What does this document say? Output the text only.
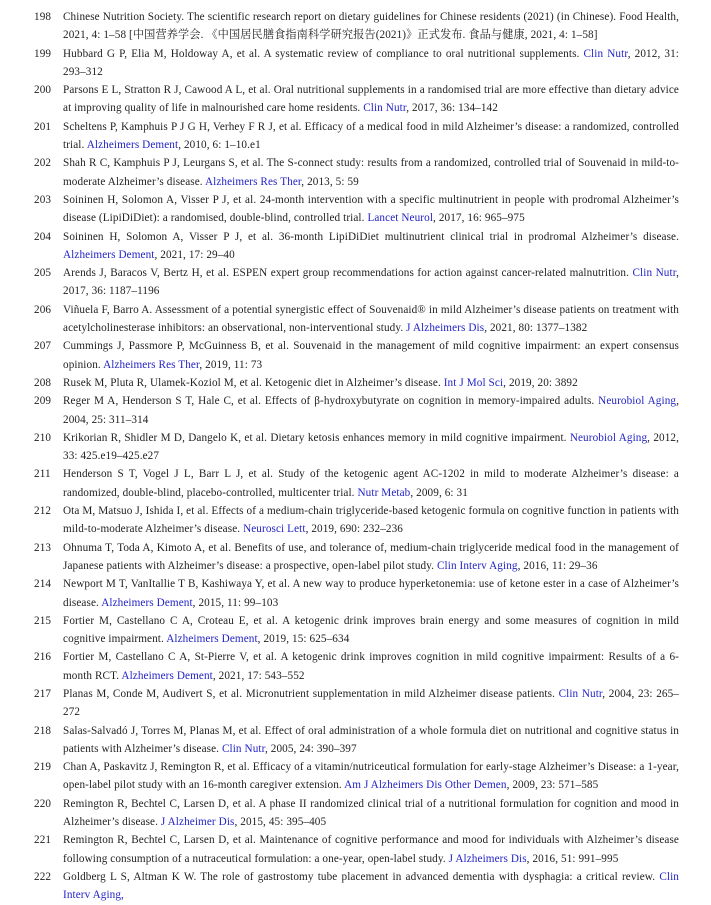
198 Chinese Nutrition Society. The scientific research report on dietary guidelines for Chinese residents (2021) (in Chinese). Food Health, 2021, 4: 1–58 [中国营养学会. 《中国居民膳食指南科学研究报告(2021)》正式发布. 食品与健康, 2021, 4: 1–58]
199 Hubbard G P, Elia M, Holdoway A, et al. A systematic review of compliance to oral nutritional supplements. Clin Nutr, 2012, 31: 293–312
200 Parsons E L, Stratton R J, Cawood A L, et al. Oral nutritional supplements in a randomised trial are more effective than dietary advice at improving quality of life in malnourished care home residents. Clin Nutr, 2017, 36: 134–142
201 Scheltens P, Kamphuis P J G H, Verhey F R J, et al. Efficacy of a medical food in mild Alzheimer’s disease: a randomized, controlled trial. Alzheimers Dement, 2010, 6: 1–10.e1
202 Shah R C, Kamphuis P J, Leurgans S, et al. The S-connect study: results from a randomized, controlled trial of Souvenaid in mild-to-moderate Alzheimer’s disease. Alzheimers Res Ther, 2013, 5: 59
203 Soininen H, Solomon A, Visser P J, et al. 24-month intervention with a specific multinutrient in people with prodromal Alzheimer’s disease (LipiDiDiet): a randomised, double-blind, controlled trial. Lancet Neurol, 2017, 16: 965–975
204 Soininen H, Solomon A, Visser P J, et al. 36-month LipiDiDiet multinutrient clinical trial in prodromal Alzheimer’s disease. Alzheimers Dement, 2021, 17: 29–40
205 Arends J, Baracos V, Bertz H, et al. ESPEN expert group recommendations for action against cancer-related malnutrition. Clin Nutr, 2017, 36: 1187–1196
206 Viñuela F, Barro A. Assessment of a potential synergistic effect of Souvenaid® in mild Alzheimer’s disease patients on treatment with acetylcholinesterase inhibitors: an observational, non-interventional study. J Alzheimers Dis, 2021, 80: 1377–1382
207 Cummings J, Passmore P, McGuinness B, et al. Souvenaid in the management of mild cognitive impairment: an expert consensus opinion. Alzheimers Res Ther, 2019, 11: 73
208 Rusek M, Pluta R, Ulamek-Koziol M, et al. Ketogenic diet in Alzheimer’s disease. Int J Mol Sci, 2019, 20: 3892
209 Reger M A, Henderson S T, Hale C, et al. Effects of β-hydroxybutyrate on cognition in memory-impaired adults. Neurobiol Aging, 2004, 25: 311–314
210 Krikorian R, Shidler M D, Dangelo K, et al. Dietary ketosis enhances memory in mild cognitive impairment. Neurobiol Aging, 2012, 33: 425.e19–425.e27
211 Henderson S T, Vogel J L, Barr L J, et al. Study of the ketogenic agent AC-1202 in mild to moderate Alzheimer’s disease: a randomized, double-blind, placebo-controlled, multicenter trial. Nutr Metab, 2009, 6: 31
212 Ota M, Matsuo J, Ishida I, et al. Effects of a medium-chain triglyceride-based ketogenic formula on cognitive function in patients with mild-to-moderate Alzheimer’s disease. Neurosci Lett, 2019, 690: 232–236
213 Ohnuma T, Toda A, Kimoto A, et al. Benefits of use, and tolerance of, medium-chain triglyceride medical food in the management of Japanese patients with Alzheimer’s disease: a prospective, open-label pilot study. Clin Interv Aging, 2016, 11: 29–36
214 Newport M T, VanItallie T B, Kashiwaya Y, et al. A new way to produce hyperketonemia: use of ketone ester in a case of Alzheimer’s disease. Alzheimers Dement, 2015, 11: 99–103
215 Fortier M, Castellano C A, Croteau E, et al. A ketogenic drink improves brain energy and some measures of cognition in mild cognitive impairment. Alzheimers Dement, 2019, 15: 625–634
216 Fortier M, Castellano C A, St-Pierre V, et al. A ketogenic drink improves cognition in mild cognitive impairment: Results of a 6-month RCT. Alzheimers Dement, 2021, 17: 543–552
217 Planas M, Conde M, Audivert S, et al. Micronutrient supplementation in mild Alzheimer disease patients. Clin Nutr, 2004, 23: 265–272
218 Salas-Salvadó J, Torres M, Planas M, et al. Effect of oral administration of a whole formula diet on nutritional and cognitive status in patients with Alzheimer’s disease. Clin Nutr, 2005, 24: 390–397
219 Chan A, Paskavitz J, Remington R, et al. Efficacy of a vitamin/nutriceutical formulation for early-stage Alzheimer’s Disease: a 1-year, open-label pilot study with an 16-month caregiver extension. Am J Alzheimers Dis Other Demen, 2009, 23: 571–585
220 Remington R, Bechtel C, Larsen D, et al. A phase II randomized clinical trial of a nutritional formulation for cognition and mood in Alzheimer’s disease. J Alzheimer Dis, 2015, 45: 395–405
221 Remington R, Bechtel C, Larsen D, et al. Maintenance of cognitive performance and mood for individuals with Alzheimer’s disease following consumption of a nutraceutical formulation: a one-year, open-label study. J Alzheimers Dis, 2016, 51: 991–995
222 Goldberg L S, Altman K W. The role of gastrostomy tube placement in advanced dementia with dysphagia: a critical review. Clin Interv Aging,
